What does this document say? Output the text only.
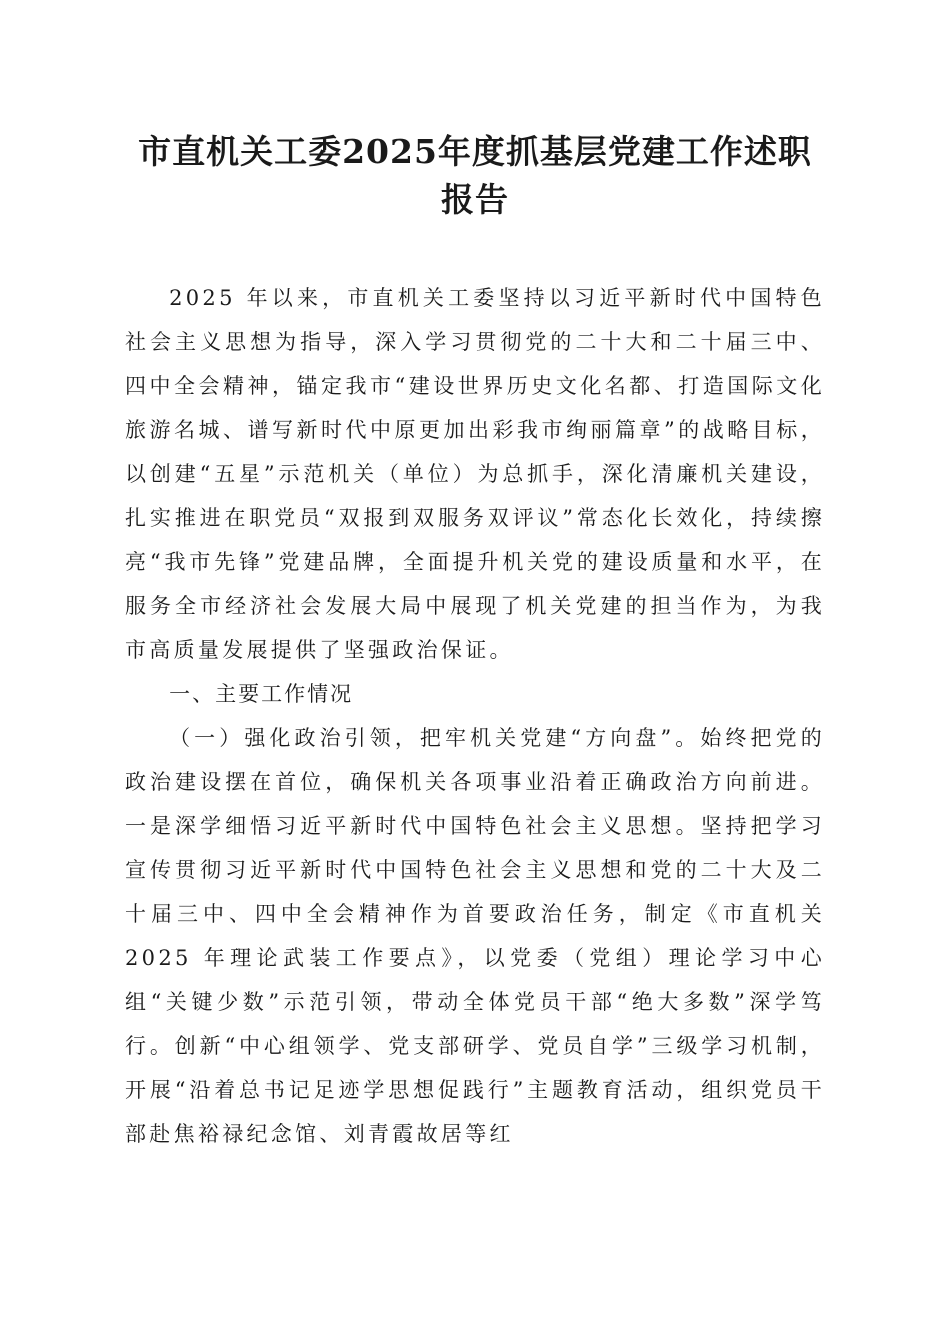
市直机关工委2025年度抓基层党建工作述职
报告

2025 年以来，市直机关工委坚持以习近平新时代中国特色社会主义思想为指导，深入学习贯彻党的二十大和二十届三中、四中全会精神，锚定我市“建设世界历史文化名都、打造国际文化旅游名城、谱写新时代中原更加出彩我市绚丽篇章”的战略目标，以创建“五星”示范机关（单位）为总抓手，深化清廉机关建设，扎实推进在职党员“双报到双服务双评议”常态化长效化，持续擦亮“我市先锋”党建品牌，全面提升机关党的建设质量和水平，在服务全市经济社会发展大局中展现了机关党建的担当作为，为我市高质量发展提供了坚强政治保证。

一、主要工作情况

（一）强化政治引领，把牢机关党建“方向盘”。始终把党的政治建设摆在首位，确保机关各项事业沿着正确政治方向前进。一是深学细悟习近平新时代中国特色社会主义思想。坚持把学习宣传贯彻习近平新时代中国特色社会主义思想和党的二十大及二十届三中、四中全会精神作为首要政治任务，制定《市直机关 2025 年理论武装工作要点》，以党委（党组）理论学习中心组“关键少数”示范引领，带动全体党员干部“绝大多数”深学笃行。创新“中心组领学、党支部研学、党员自学”三级学习机制，开展“沿着总书记足迹学思想促践行”主题教育活动，组织党员干部赴焦裕禄纪念馆、刘青霞故居等红
